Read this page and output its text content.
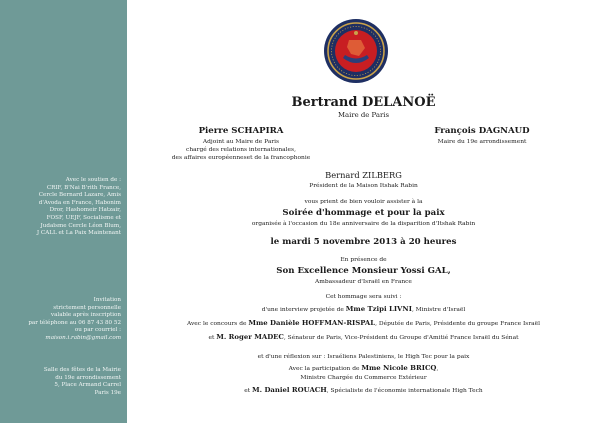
Avec le soutien de :
CRIF, B'Nai B'rith France,
Cercle Bernard Lazare, Amis
d'Avoda en France, Habonim
Dror, Hashomeir Hatzair,
FOSF, UEJF, Socialisme et
Judaïsme Cercle Léon Blum,
J CALL et La Paix Maintenant
Invitation
strictement personnelle
valable après inscription
par téléphone au 06 87 43 80 52
ou par courriel :
maison.i.rabin@gmail.com
Salle des fêtes de la Mairie
du 19e arrondissement
5, Place Armand Carrel
Paris 19e
Bertrand DELANOË
Maire de Paris
Pierre SCHAPIRA
Adjoint au Maire de Paris
chargé des relations internationales,
des affaires européenneset de la francophonie
François DAGNAUD
Maire du 19e arrondissement
Bernard ZILBERG
Président de la Maison Itshak Rabin
vous prient de bien vouloir assister à la
Soirée d'hommage et pour la paix
organisée à l'occasion du 18e anniversaire de la disparition d'Itshak Rabin
le mardi 5 novembre 2013 à 20 heures
En présence de
Son Excellence Monsieur Yossi GAL,
Ambassadeur d'Israël en France
Cet hommage sera suivi :
d'une interview projetée de Mme Tzipi LIVNI, Ministre d'Israël
Avec le concours de Mme Danièle HOFFMAN-RISPAL, Députée de Paris, Présidente du groupe France Israël
et M. Roger MADEC, Sénateur de Paris, Vice-Président du Groupe d'Amitié France Israël du Sénat
et d'une réflexion sur : Israéliens Palestiniens, le High Tec pour la paix
Avec la participation de Mme Nicole BRICQ,
Ministre Chargée du Commerce Extérieur
et M. Daniel ROUACH, Spécialiste de l'économie internationale High Tech
